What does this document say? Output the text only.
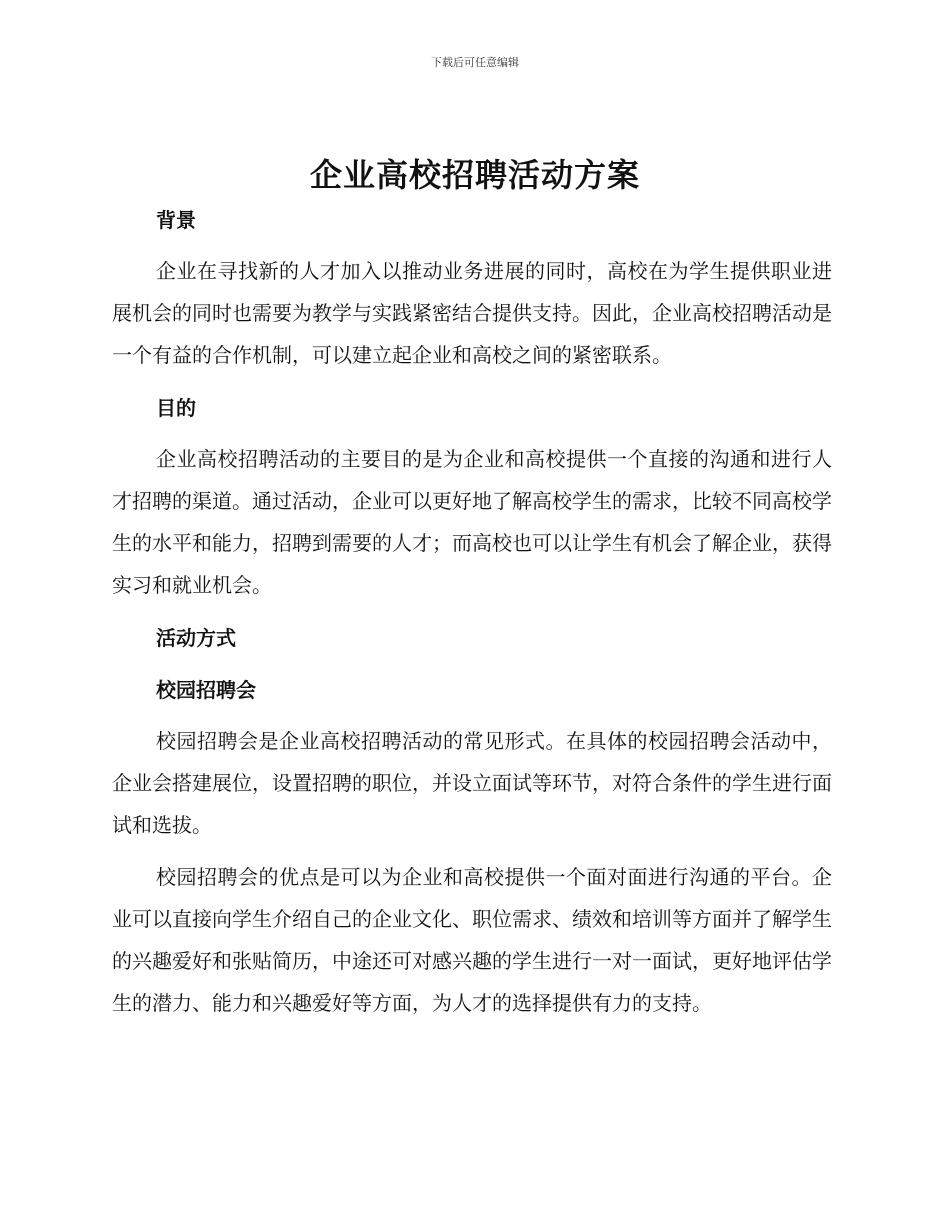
下载后可任意编辑
企业高校招聘活动方案
背景

企业在寻找新的人才加入以推动业务进展的同时，高校在为学生提供职业进展机会的同时也需要为教学与实践紧密结合提供支持。因此，企业高校招聘活动是一个有益的合作机制，可以建立起企业和高校之间的紧密联系。

目的

企业高校招聘活动的主要目的是为企业和高校提供一个直接的沟通和进行人才招聘的渠道。通过活动，企业可以更好地了解高校学生的需求，比较不同高校学生的水平和能力，招聘到需要的人才；而高校也可以让学生有机会了解企业，获得实习和就业机会。

活动方式
校园招聘会

校园招聘会是企业高校招聘活动的常见形式。在具体的校园招聘会活动中，企业会搭建展位，设置招聘的职位，并设立面试等环节，对符合条件的学生进行面试和选拔。

校园招聘会的优点是可以为企业和高校提供一个面对面进行沟通的平台。企业可以直接向学生介绍自己的企业文化、职位需求、绩效和培训等方面并了解学生的兴趣爱好和张贴简历，中途还可对感兴趣的学生进行一对一面试，更好地评估学生的潜力、能力和兴趣爱好等方面，为人才的选择提供有力的支持。
